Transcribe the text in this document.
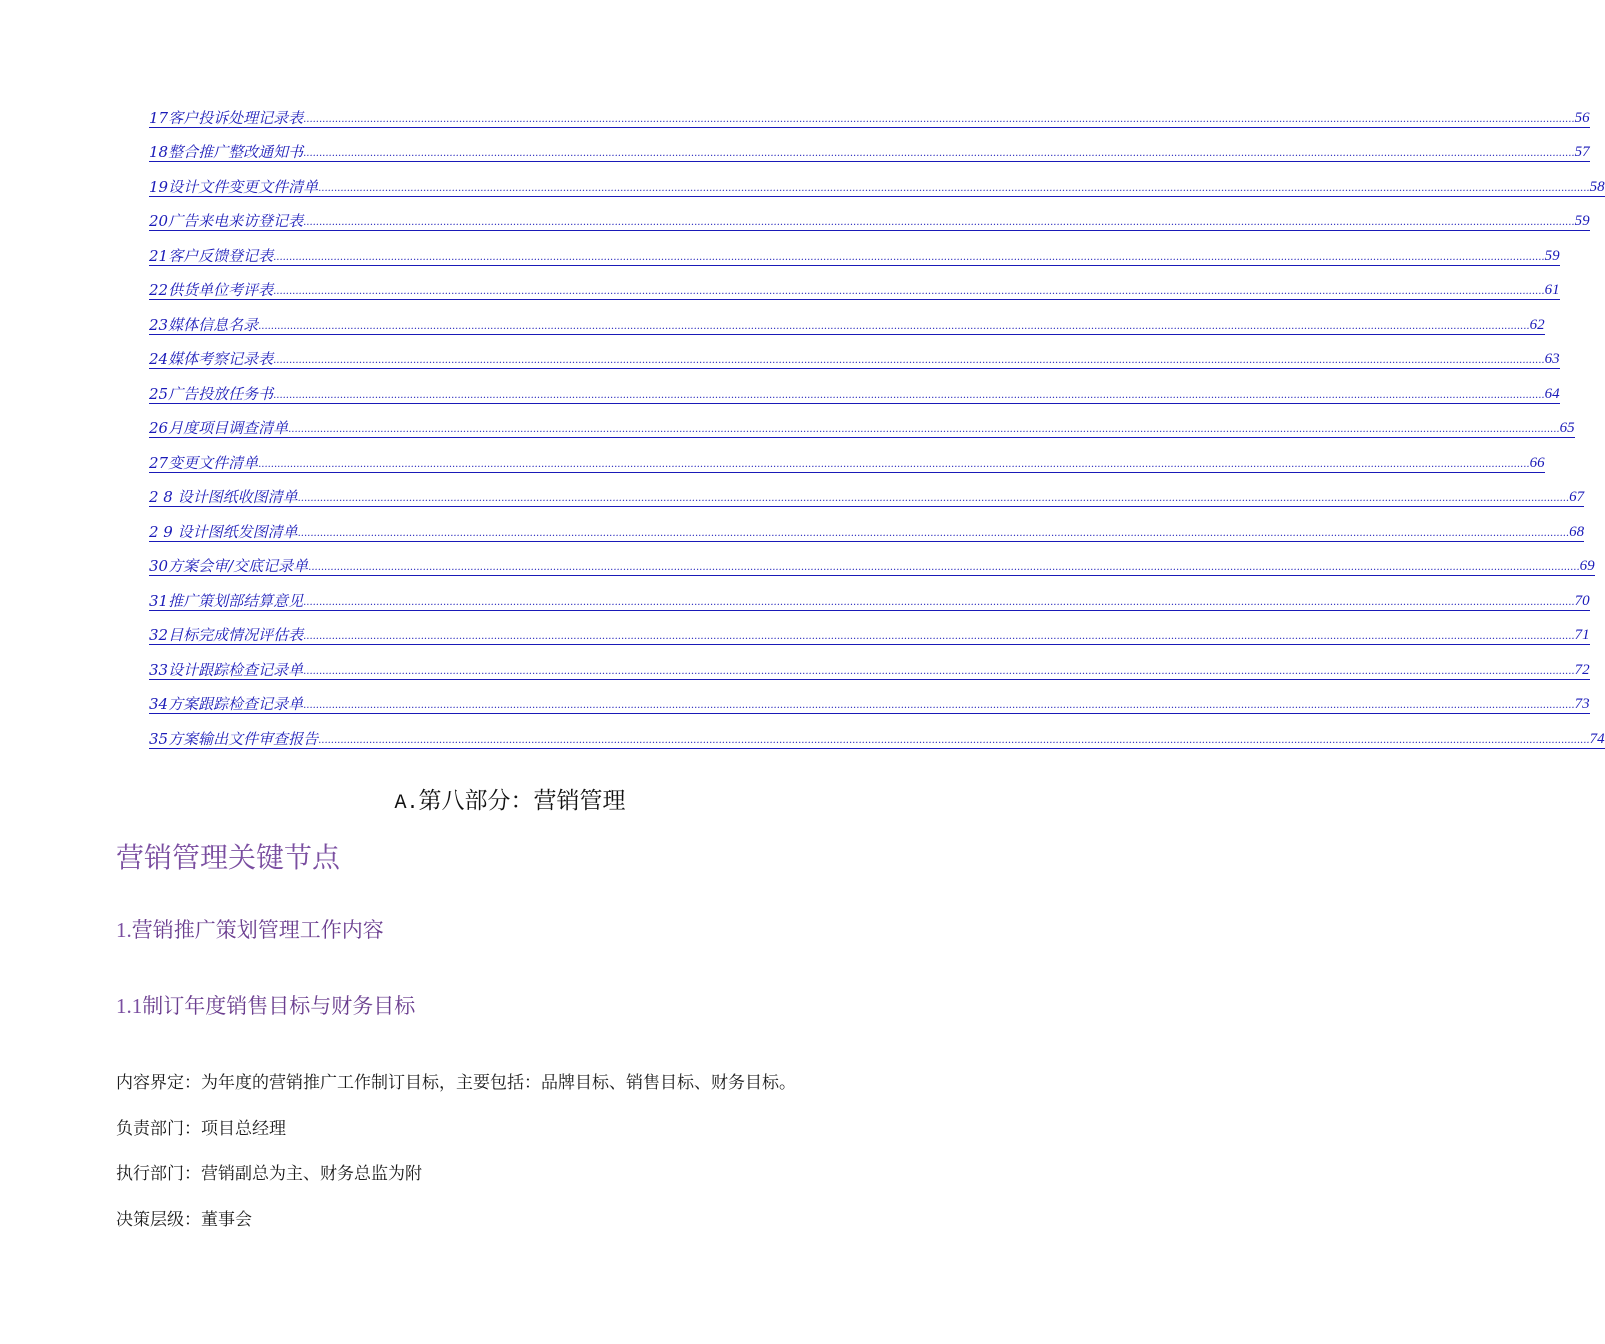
17客户投诉处理记录表 ................................................................................................................................................................................................................................................................................................................................................................................................................ 56
18整合推广整改通知书 ................................................................................................................................................................................................................................................................................................................................................................................................................ 57
19设计文件变更文件清单 ................................................................................................................................................................................................................................................................................................................................................................................................................ 58
20广告来电来访登记表 ................................................................................................................................................................................................................................................................................................................................................................................................................ 59
21客户反馈登记表 ................................................................................................................................................................................................................................................................................................................................................................................................................ 59
22供货单位考评表 ................................................................................................................................................................................................................................................................................................................................................................................................................ 61
23媒体信息名录 ................................................................................................................................................................................................................................................................................................................................................................................................................ 62
24媒体考察记录表 ................................................................................................................................................................................................................................................................................................................................................................................................................ 63
25广告投放任务书 ................................................................................................................................................................................................................................................................................................................................................................................................................ 64
26月度项目调查清单 ................................................................................................................................................................................................................................................................................................................................................................................................................ 65
27变更文件清单 ................................................................................................................................................................................................................................................................................................................................................................................................................ 66
2 8 设计图纸收图清单 ................................................................................................................................................................................................................................................................................................................................................................................................................ 67
2 9 设计图纸发图清单 ................................................................................................................................................................................................................................................................................................................................................................................................................ 68
30方案会审/交底记录单 ................................................................................................................................................................................................................................................................................................................................................................................................................ 69
31推广策划部结算意见 ................................................................................................................................................................................................................................................................................................................................................................................................................ 70
32目标完成情况评估表 ................................................................................................................................................................................................................................................................................................................................................................................................................ 71
33设计跟踪检查记录单 ................................................................................................................................................................................................................................................................................................................................................................................................................ 72
34方案跟踪检查记录单 ................................................................................................................................................................................................................................................................................................................................................................................................................ 73
35方案输出文件审查报告 ................................................................................................................................................................................................................................................................................................................................................................................................................ 74
A.第八部分：营销管理
营销管理关键节点
1.营销推广策划管理工作内容
1.1制订年度销售目标与财务目标

内容界定：为年度的营销推广工作制订目标，主要包括：品牌目标、销售目标、财务目标。

负责部门：项目总经理

执行部门：营销副总为主、财务总监为附

决策层级：董事会
